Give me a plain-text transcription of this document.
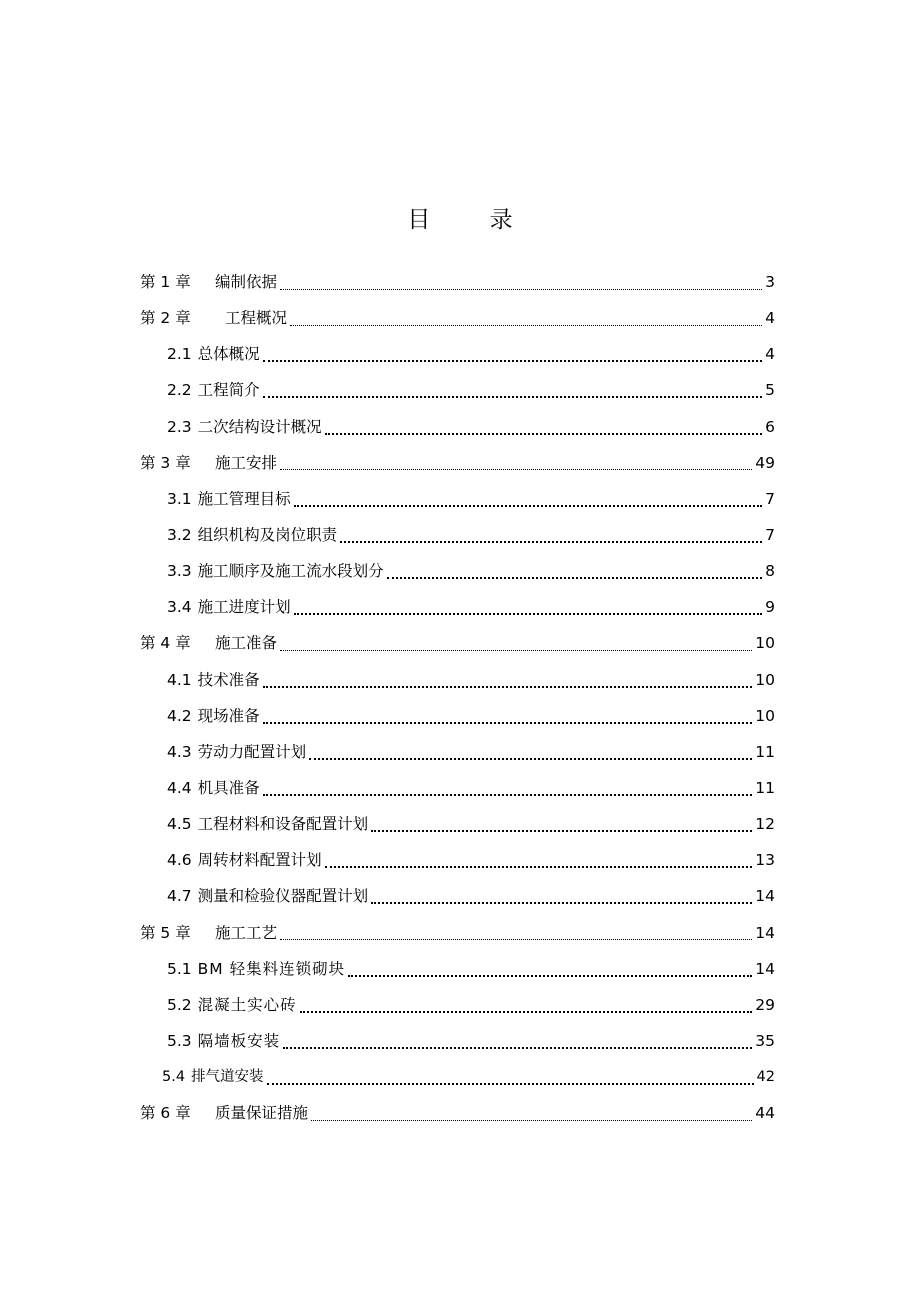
目 录
第 1 章	编制依据	3
第 2 章	工程概况	4
2.1 总体概况	4
2.2 工程简介	5
2.3 二次结构设计概况	6
第 3 章	施工安排	49
3.1 施工管理目标	7
3.2 组织机构及岗位职责	7
3.3 施工顺序及施工流水段划分	8
3.4 施工进度计划	9
第 4 章	施工准备	10
4.1 技术准备	10
4.2 现场准备	10
4.3 劳动力配置计划	11
4.4 机具准备	11
4.5 工程材料和设备配置计划	12
4.6 周转材料配置计划	13
4.7 测量和检验仪器配置计划	14
第 5 章	施工工艺	14
5.1 BM 轻集料连锁砌块	14
5.2 混凝土实心砖	29
5.3 隔墙板安装	35
5.4 排气道安装	42
第 6 章	质量保证措施	44
